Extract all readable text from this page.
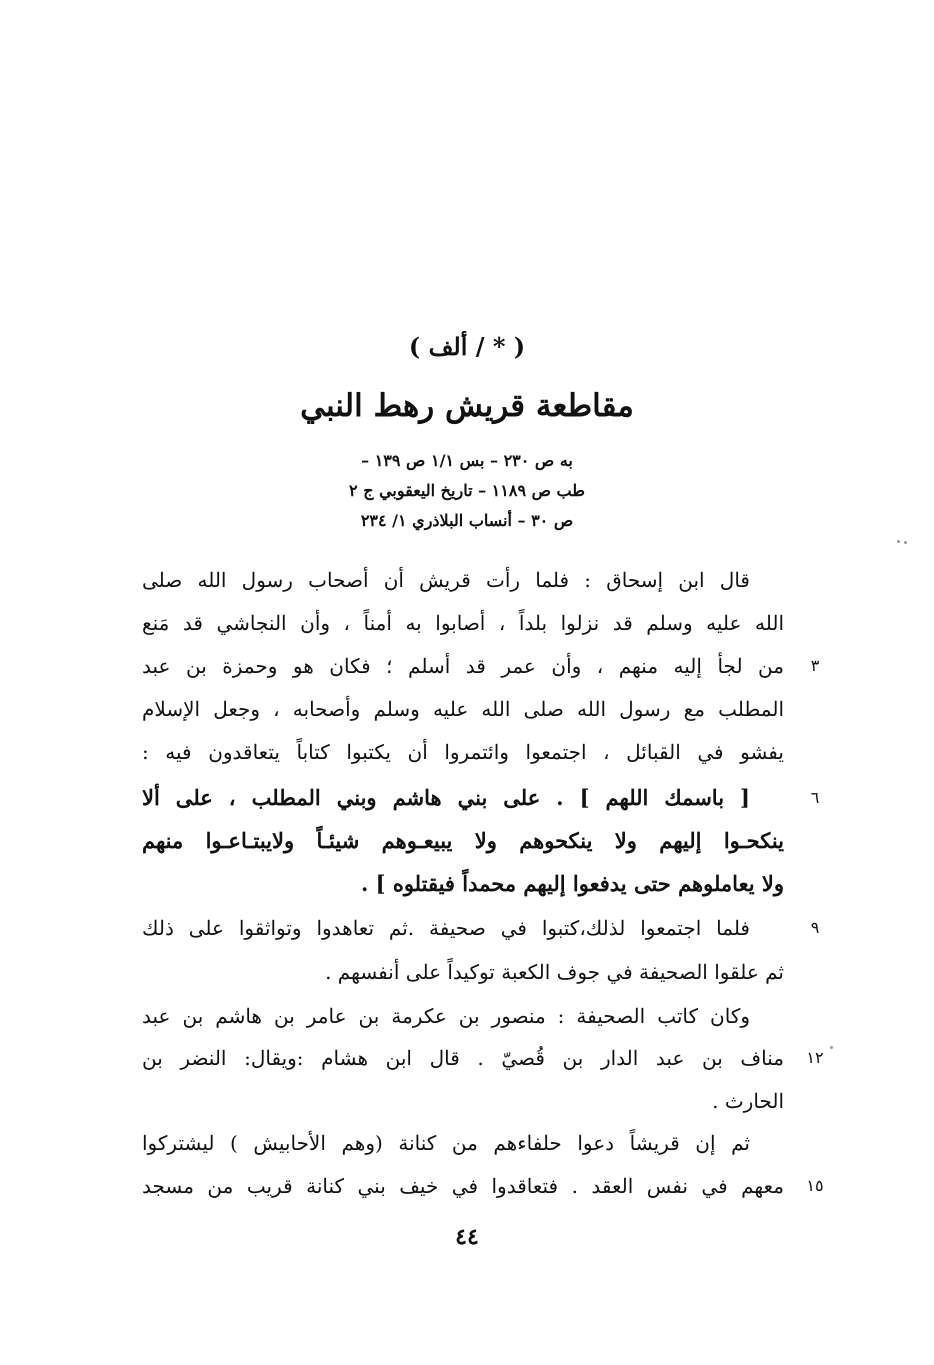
( * / ألف )
مقاطعة قريش رهط النبي
به ص ٢٣٠ – بس ١/١ ص ١٣٩ –
طب ص ١١٨٩ – تاريخ اليعقوبي ج ٢
ص ٣٠ – أنساب البلاذري ١/ ٢٣٤
قال ابن إسحاق : فلما رأت قريش أن أصحاب رسول الله صلى
الله عليه وسلم قد نزلوا بلداً ، أصابوا به أمناً ، وأن النجاشي قد مَنع
من لجأ إليه منهم ، وأن عمر قد أسلم ؛ فكان هو وحمزة بن عبد
المطلب مع رسول الله صلى الله عليه وسلم وأصحابه ، وجعل الإسلام
يفشو في القبائل ، اجتمعوا وائتمروا أن يكتبوا كتاباً يتعاقدون فيه :
[ باسمك اللهم ] . على بني هاشم وبني المطلب ، على ألا
ينكحـوا إليهم ولا ينكحوهم ولا يبيعـوهم شيئـاً ولايبتـاعـوا منهم
ولا يعاملوهم حتى يدفعوا إليهم محمداً فيقتلوه ] .
فلما اجتمعوا لذلك،كتبوا في صحيفة .ثم تعاهدوا وتواثقوا على ذلك
ثم علقوا الصحيفة في جوف الكعبة توكيداً على أنفسهم .
وكان كاتب الصحيفة : منصور بن عكرمة بن عامر بن هاشم بن عبد
مناف بن عبد الدار بن قُصيّ . قال ابن هشام :ويقال: النضر بن
الحارث .
ثم إن قريشاً دعوا حلفاءهم من كنانة (وهم الأحابيش ) ليشتركوا
معهم في نفس العقد . فتعاقدوا في خيف بني كنانة قريب من مسجد
٣
٦
٩
١٢
١٥
٤٤
